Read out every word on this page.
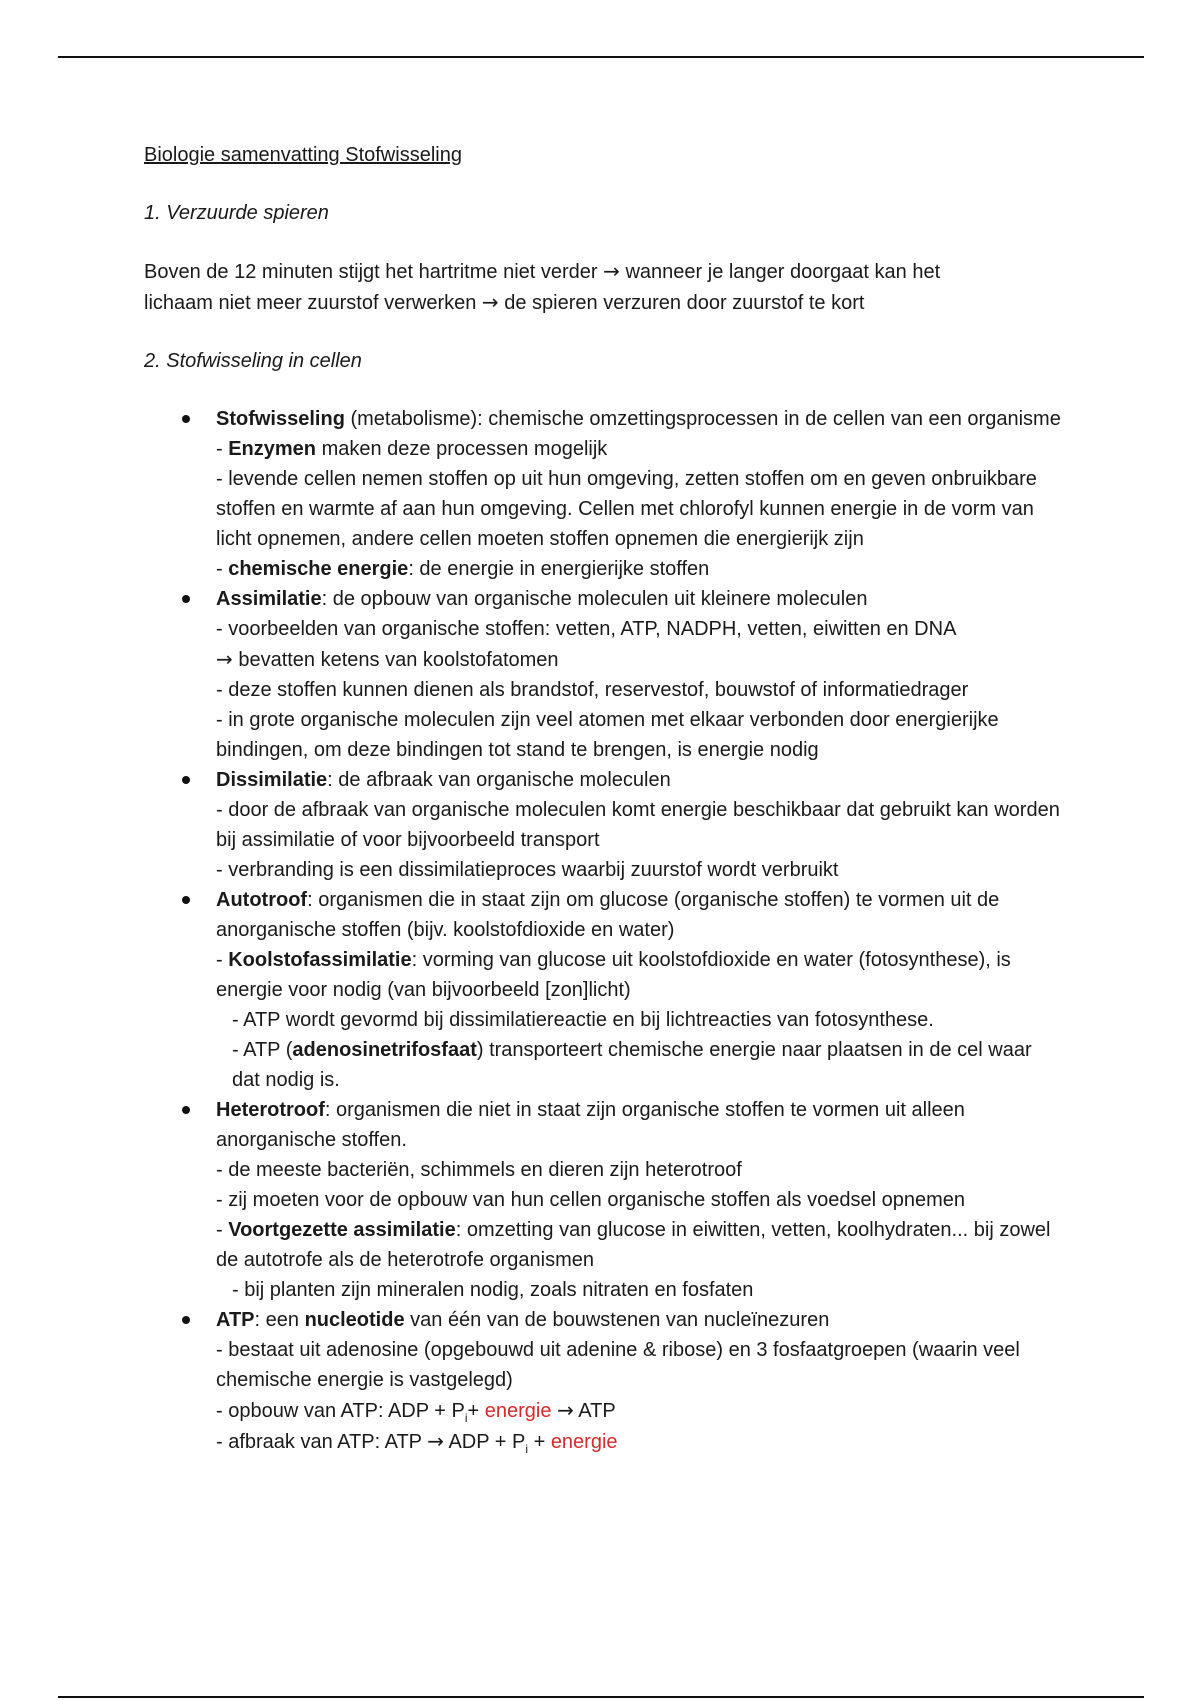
Biologie samenvatting Stofwisseling
1. Verzuurde spieren
Boven de 12 minuten stijgt het hartritme niet verder → wanneer je langer doorgaat kan het
lichaam niet meer zuurstof verwerken → de spieren verzuren door zuurstof te kort
2. Stofwisseling in cellen
Stofwisseling (metabolisme): chemische omzettingsprocessen in de cellen van een organisme
- Enzymen maken deze processen mogelijk
- levende cellen nemen stoffen op uit hun omgeving, zetten stoffen om en geven onbruikbare stoffen en warmte af aan hun omgeving. Cellen met chlorofyl kunnen energie in de vorm van licht opnemen, andere cellen moeten stoffen opnemen die energierijk zijn
- chemische energie: de energie in energierijke stoffen
Assimilatie: de opbouw van organische moleculen uit kleinere moleculen
- voorbeelden van organische stoffen: vetten, ATP, NADPH, vetten, eiwitten en DNA
→ bevatten ketens van koolstofatomen
- deze stoffen kunnen dienen als brandstof, reservestof, bouwstof of informatiedrager
- in grote organische moleculen zijn veel atomen met elkaar verbonden door energierijke bindingen, om deze bindingen tot stand te brengen, is energie nodig
Dissimilatie: de afbraak van organische moleculen
- door de afbraak van organische moleculen komt energie beschikbaar dat gebruikt kan worden bij assimilatie of voor bijvoorbeeld transport
- verbranding is een dissimilatieproces waarbij zuurstof wordt verbruikt
Autotroof: organismen die in staat zijn om glucose (organische stoffen) te vormen uit de anorganische stoffen (bijv. koolstofdioxide en water)
- Koolstofassimilatie: vorming van glucose uit koolstofdioxide en water (fotosynthese), is energie voor nodig (van bijvoorbeeld [zon]licht)
- ATP wordt gevormd bij dissimilatiereactie en bij lichtreacties van fotosynthese.
- ATP (adenosinetrifosfaat) transporteert chemische energie naar plaatsen in de cel waar dat nodig is.
Heterotroof: organismen die niet in staat zijn organische stoffen te vormen uit alleen anorganische stoffen.
- de meeste bacteriën, schimmels en dieren zijn heterotroof
- zij moeten voor de opbouw van hun cellen organische stoffen als voedsel opnemen
- Voortgezette assimilatie: omzetting van glucose in eiwitten, vetten, koolhydraten... bij zowel de autotrofe als de heterotrofe organismen
- bij planten zijn mineralen nodig, zoals nitraten en fosfaten
ATP: een nucleotide van één van de bouwstenen van nucleïnezuren
- bestaat uit adenosine (opgebouwd uit adenine & ribose) en 3 fosfaatgroepen (waarin veel chemische energie is vastgelegd)
- opbouw van ATP: ADP + $P_i+$ energie → ATP
- afbraak van ATP: ATP → ADP + $P_i$ + energie
